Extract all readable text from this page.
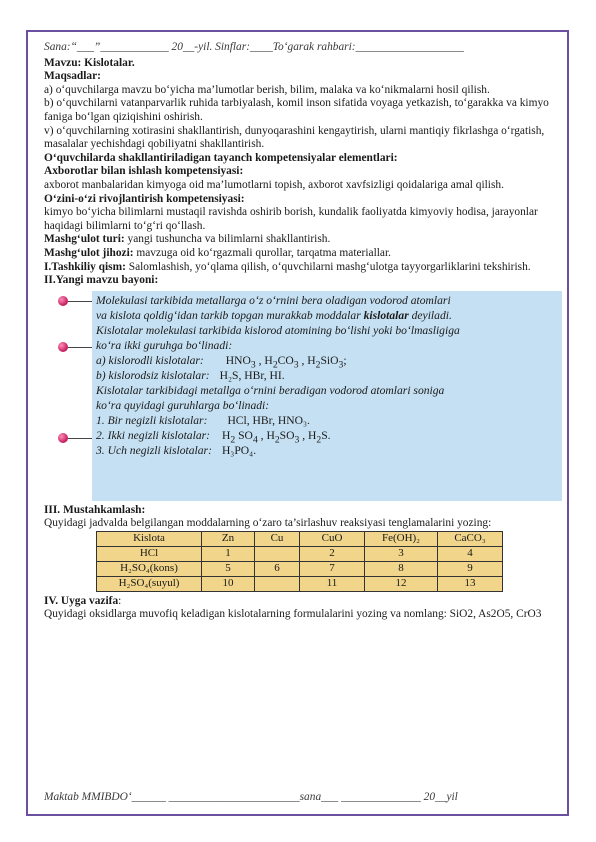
Sana:“___”____________ 20__-yil. Sinflar:____To‘garak rahbari:___________________

Mavzu: Kislotalar.

Maqsadlar:

a) o‘quvchilarga mavzu bo‘yicha ma’lumotlar berish, bilim, malaka va ko‘nikmalarni hosil qilish.

b) o‘quvchilarni vatanparvarlik ruhida tarbiyalash, komil inson sifatida voyaga yetkazish, to‘garakka va kimyo faniga bo‘lgan qiziqishini oshirish.

v) o‘quvchilarning xotirasini shakllantirish, dunyoqarashini kengaytirish, ularni mantiqiy fikrlashga o‘rgatish, masalalar yechishdagi qobiliyatni shakllantirish.

O‘quvchilarda shakllantiriladigan tayanch kompetensiyalar elementlari:

Axborotlar bilan ishlash kompetensiyasi:

axborot manbalaridan kimyoga oid ma’lumotlarni topish, axborot xavfsizligi qoidalariga amal qilish.

O‘zini-o‘zi rivojlantirish kompetensiyasi:

kimyo bo‘yicha bilimlarni mustaqil ravishda oshirib borish, kundalik faoliyatda kimyoviy hodisa, jarayonlar haqidagi bilimlarni to‘g‘ri qo‘llash.

Mashg‘ulot turi: yangi tushuncha va bilimlarni shakllantirish.

Mashg‘ulot jihozi: mavzuga oid ko‘rgazmali qurollar, tarqatma materiallar.

I.Tashkiliy qism: Salomlashish, yo‘qlama qilish, o‘quvchilarni mashg‘ulotga tayyorgarliklarini tekshirish.

II.Yangi mavzu bayoni:

Molekulasi tarkibida metallarga o‘z o‘rnini bera oladigan vodorod atomlari
va kislota qoldig‘idan tarkib topgan murakkab moddalar kislotalar deyiladi.
Kislotalar molekulasi tarkibida kislorod atomining bo‘lishi yoki bo‘lmasligiga
ko‘ra ikki guruhga bo‘linadi:
a) kislorodli kislotalar: $HNO_3$ , $H_2CO_3$ , $H_2SiO_3$;
b) kislorodsiz kislotalar: H₂S, HBr, HI.
Kislotalar tarkibidagi metallga o‘rnini beradigan vodorod atomlari soniga
ko‘ra quyidagi guruhlarga bo‘linadi:
1. Bir negizli kislotalar: HCl, HBr, HNO₃.
2. Ikki negizli kislotalar: $H_2$ $SO_4$ , $H_2SO_3$ , $H_2S$.
3. Uch negizli kislotalar: H₃PO₄.

III. Mustahkamlash:

Quyidagi jadvalda belgilangan moddalarning o‘zaro ta’sirlashuv reaksiyasi tenglamalarini yozing:

Kislota	Zn	Cu	CuO	Fe(OH)₂	CaCO₃
HCl	1		2	3	4
H₂SO₄(kons)	5	6	7	8	9
H₂SO₄(suyul)	10		11	12	13

IV. Uyga vazifa:

Quyidagi oksidlarga muvofiq keladigan kislotalarning formulalarini yozing va nomlang: SiO2, As2O5, CrO3

Maktab MMIBDO‘______ _______________________sana___ ______________ 20__yil
